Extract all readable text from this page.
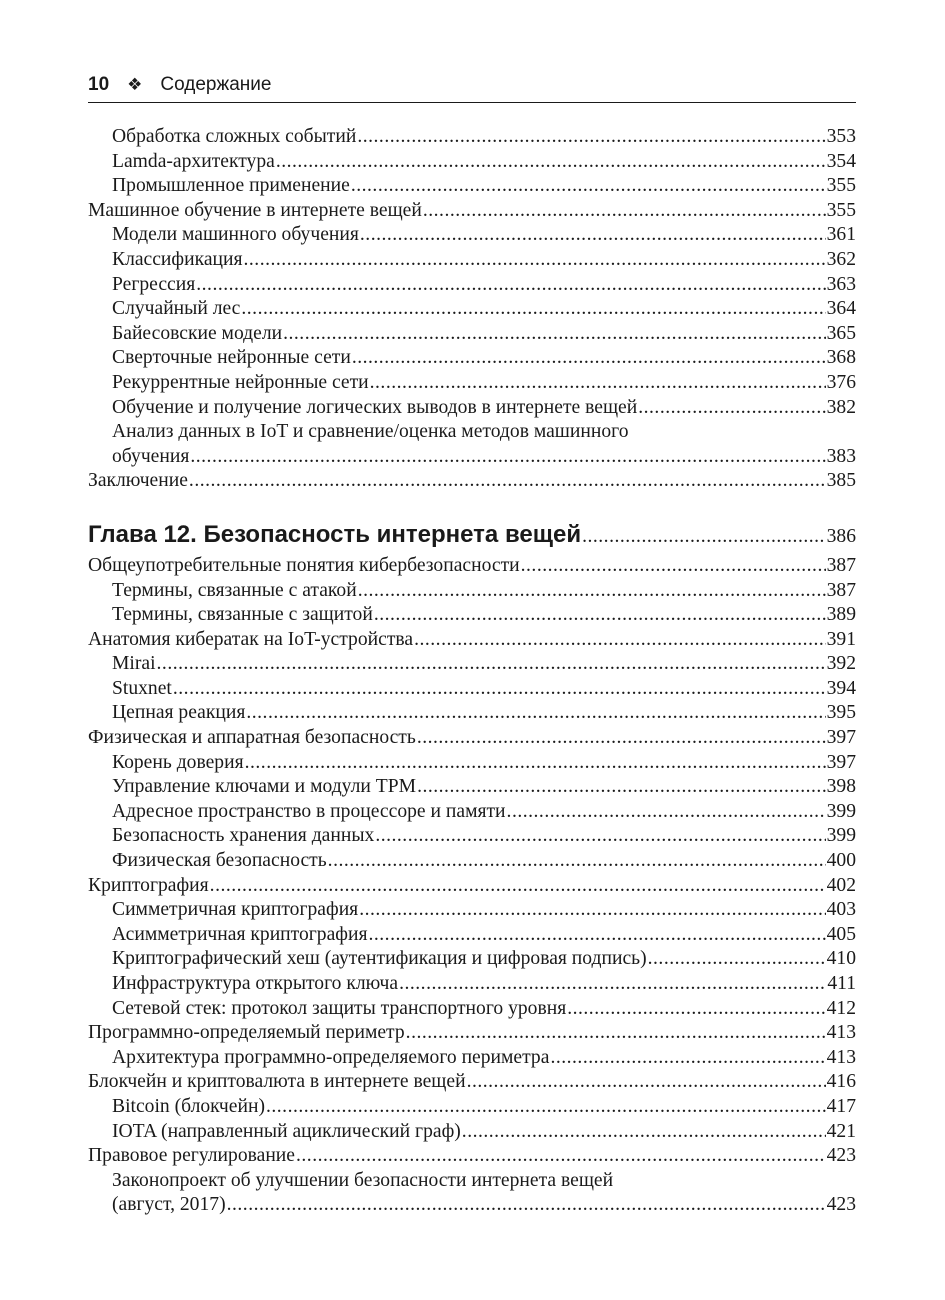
10 ❖ Содержание
Обработка сложных событий . . .	353
Lamda-архитектура . . .	354
Промышленное применение . . .	355
Машинное обучение в интернете вещей . . .	355
Модели машинного обучения . . .	361
Классификация . . .	362
Регрессия . . .	363
Случайный лес . . .	364
Байесовские модели . . .	365
Сверточные нейронные сети . . .	368
Рекуррентные нейронные сети . . .	376
Обучение и получение логических выводов в интернете вещей . . .	382
Анализ данных в IoT и сравнение/оценка методов машинного
обучения . . .	383
Заключение . . .	385
Глава 12. Безопасность интернета вещей . . .	386
Общеупотребительные понятия кибербезопасности . . .	387
Термины, связанные с атакой . . .	387
Термины, связанные с защитой . . .	389
Анатомия кибератак на IoT-устройства . . .	391
Mirai . . .	392
Stuxnet . . .	394
Цепная реакция . . .	395
Физическая и аппаратная безопасность . . .	397
Корень доверия . . .	397
Управление ключами и модули TPM . . .	398
Адресное пространство в процессоре и памяти . . .	399
Безопасность хранения данных . . .	399
Физическая безопасность . . .	400
Криптография . . .	402
Симметричная криптография . . .	403
Асимметричная криптография . . .	405
Криптографический хеш (аутентификация и цифровая подпись) . . .	410
Инфраструктура открытого ключа . . .	411
Сетевой стек: протокол защиты транспортного уровня . . .	412
Программно-определяемый периметр . . .	413
Архитектура программно-определяемого периметра . . .	413
Блокчейн и криптовалюта в интернете вещей . . .	416
Bitcoin (блокчейн) . . .	417
IOTA (направленный ациклический граф) . . .	421
Правовое регулирование . . .	423
Законопроект об улучшении безопасности интернета вещей
(август, 2017) . . .	423
